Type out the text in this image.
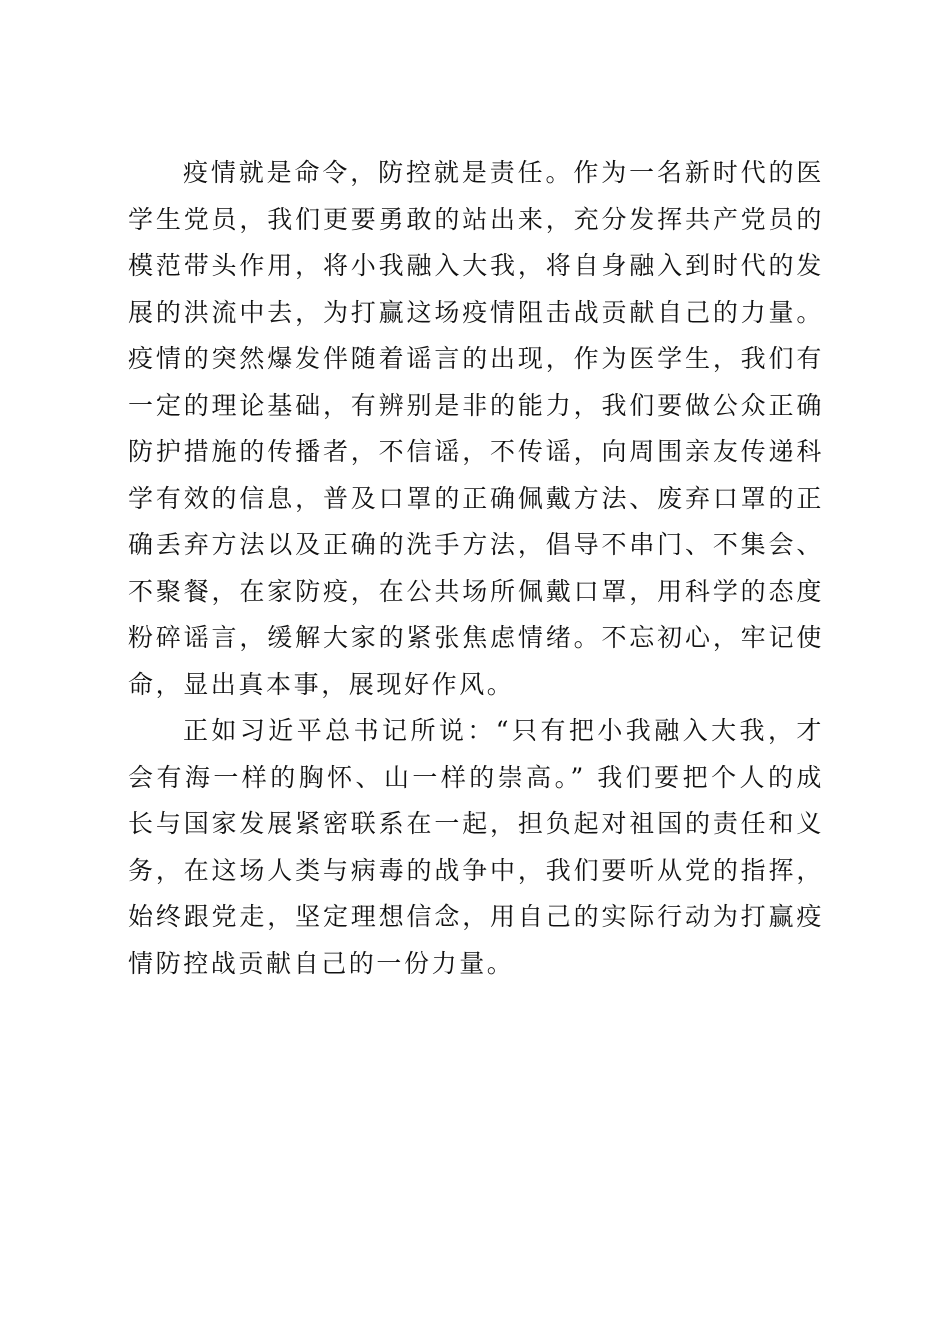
疫情就是命令，防控就是责任。作为一名新时代的医学生党员，我们更要勇敢的站出来，充分发挥共产党员的模范带头作用，将小我融入大我，将自身融入到时代的发展的洪流中去，为打赢这场疫情阻击战贡献自己的力量。疫情的突然爆发伴随着谣言的出现，作为医学生，我们有一定的理论基础，有辨别是非的能力，我们要做公众正确防护措施的传播者，不信谣，不传谣，向周围亲友传递科学有效的信息，普及口罩的正确佩戴方法、废弃口罩的正确丢弃方法以及正确的洗手方法，倡导不串门、不集会、不聚餐，在家防疫，在公共场所佩戴口罩，用科学的态度粉碎谣言，缓解大家的紧张焦虑情绪。不忘初心，牢记使命，显出真本事，展现好作风。

正如习近平总书记所说：“只有把小我融入大我，才会有海一样的胸怀、山一样的崇高。” 我们要把个人的成长与国家发展紧密联系在一起，担负起对祖国的责任和义务，在这场人类与病毒的战争中，我们要听从党的指挥，始终跟党走，坚定理想信念，用自己的实际行动为打赢疫情防控战贡献自己的一份力量。
